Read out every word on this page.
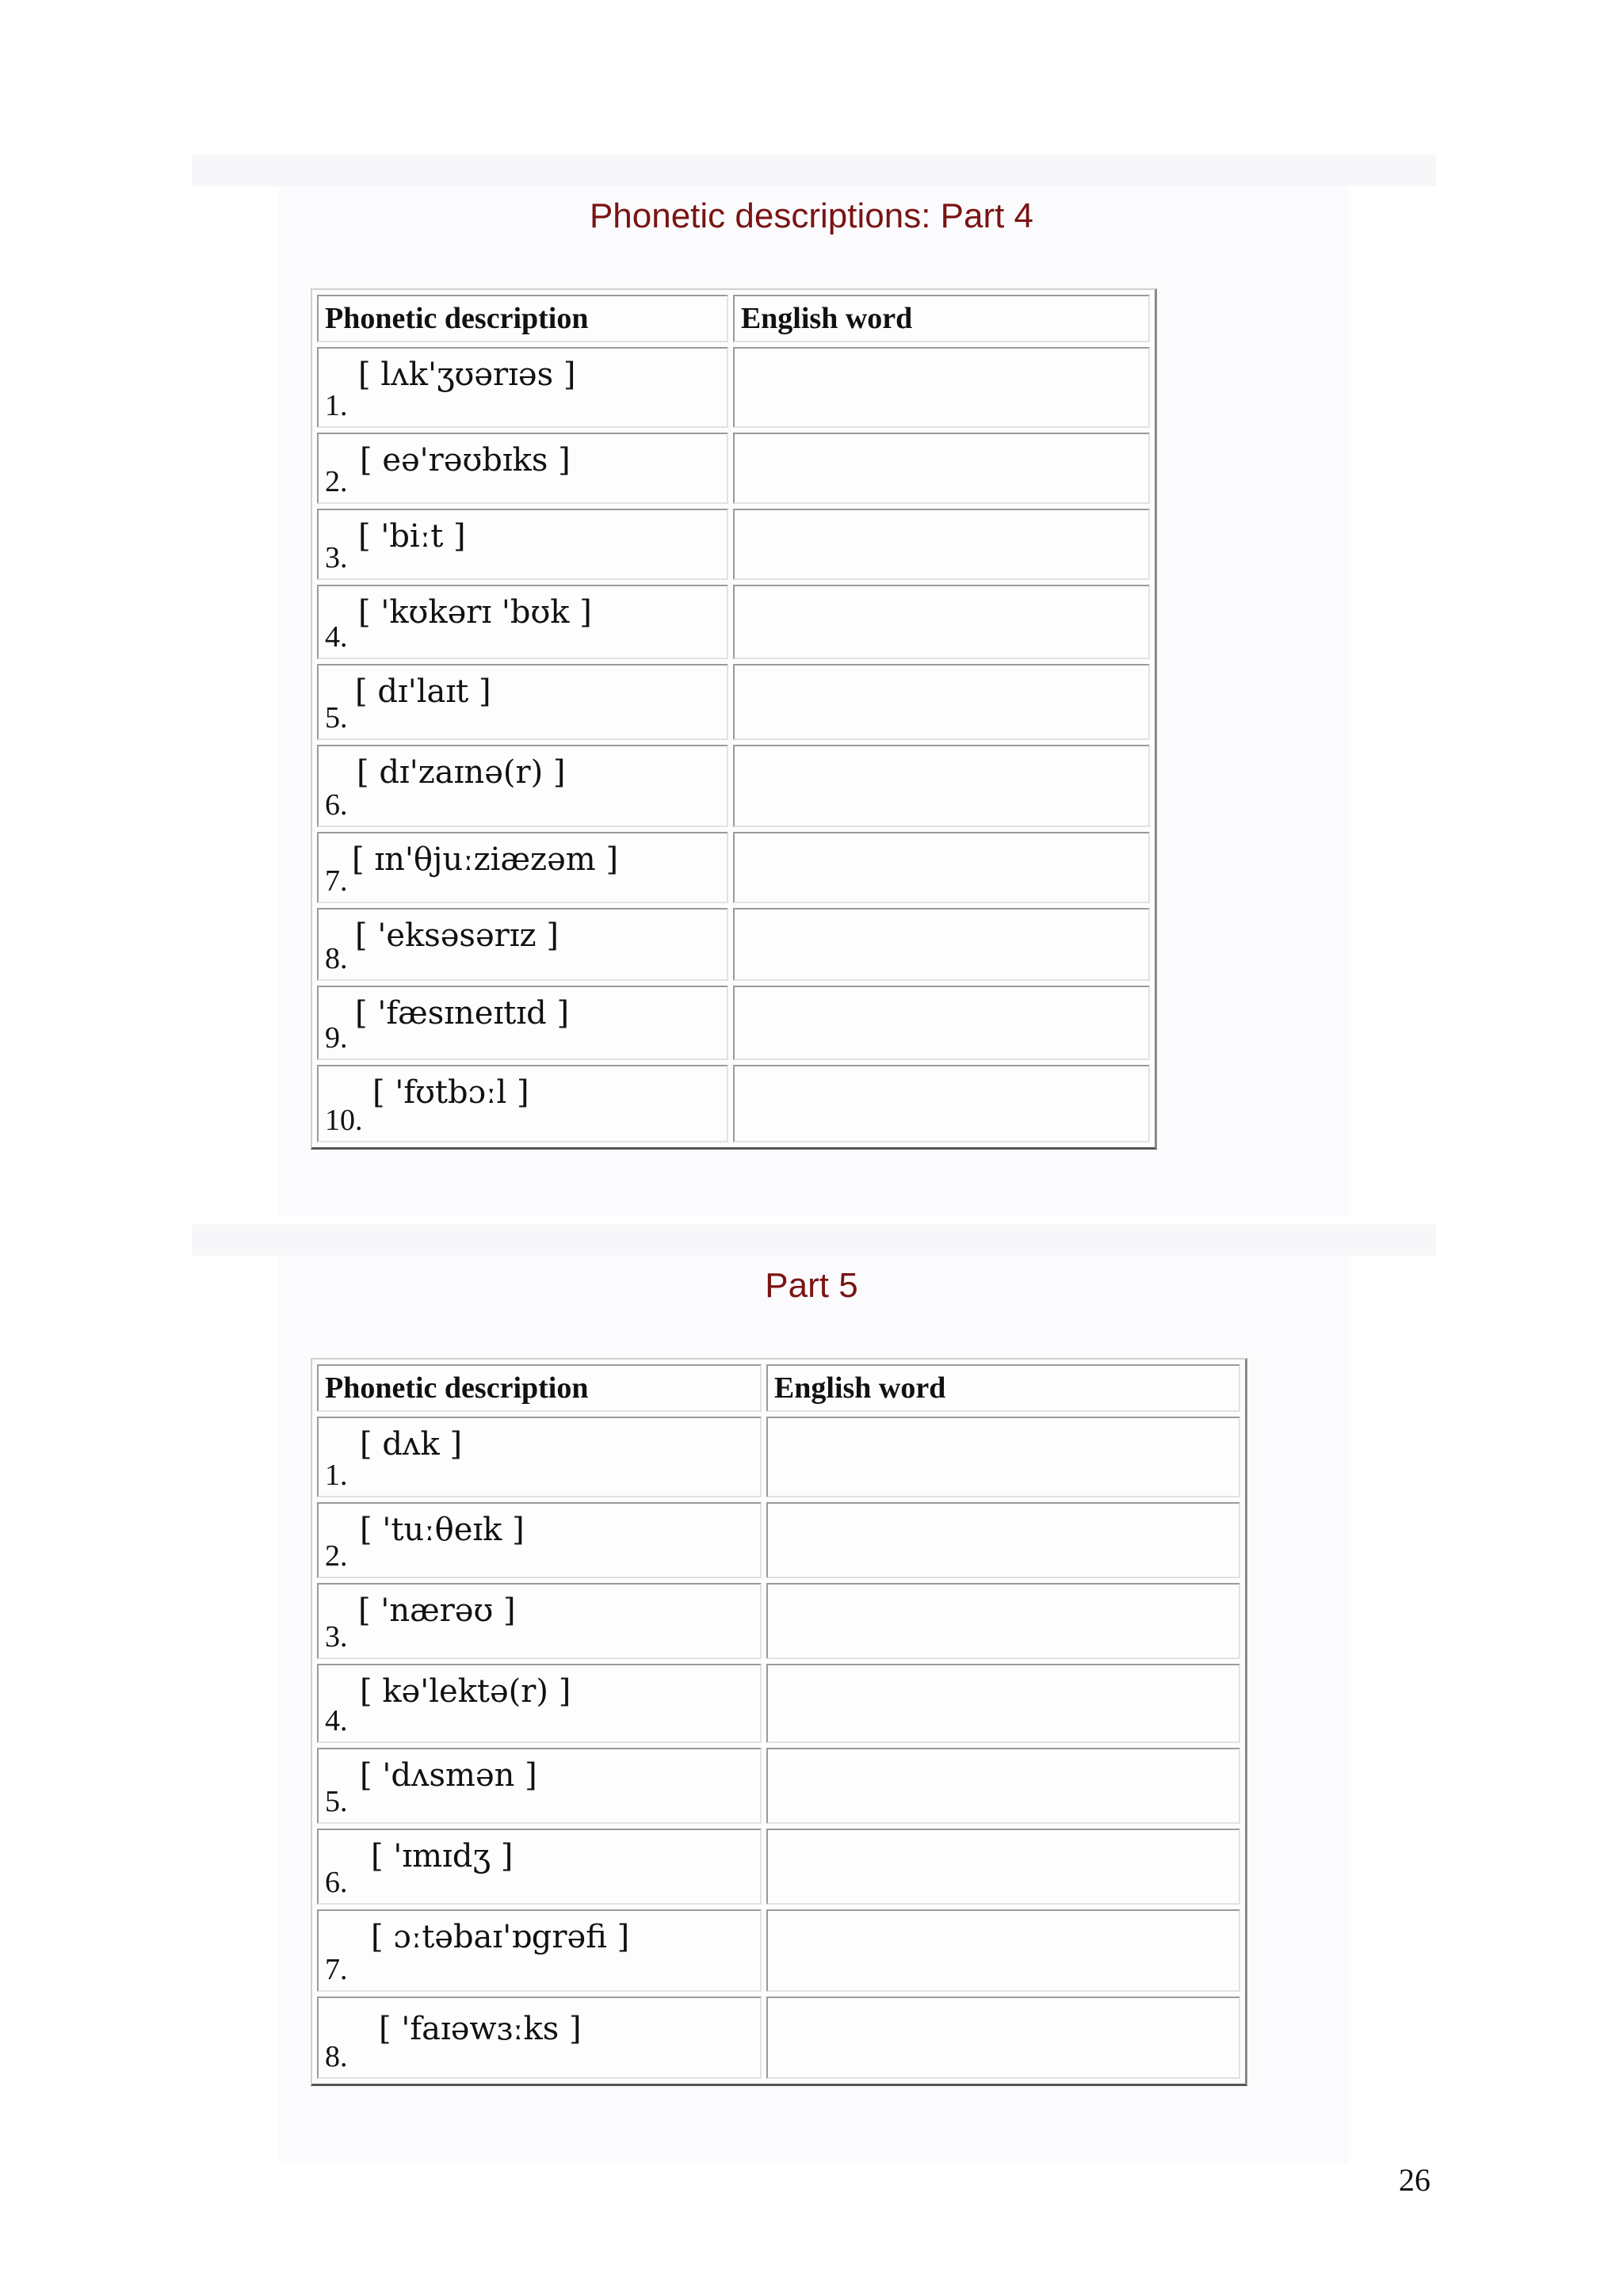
Phonetic descriptions: Part 4
Phonetic description	English word

1.
[ lʌk'ʒʊərɪəs ]	

2.
[ eə'rəʊbɪks ]	

3.
[ 'biːt ]	

4.
[ 'kʊkərɪ 'bʊk ]	

5.
[ dɪ'laɪt ]	

6.
[ dɪ'zaɪnə(r) ]	

7.
[ ɪn'θjuːziæzəm ]	

8.
[ 'eksəsərɪz ]	

9.
[ 'fæsɪneɪtɪd ]	

10.
[ 'fʊtbɔːl ]	

Part 5
Phonetic description	English word

1.
[ dʌk ]	

2.
[ 'tuːθeɪk ]	

3.
[ 'nærəʊ ]	

4.
[ kə'lektə(r) ]	

5.
[ 'dʌsmən ]	

6.
[ 'ɪmɪdʒ ]	

7.
[ ɔːtəbaɪ'ɒgrəfi ]	

8.
[ 'faɪəwɜːks ]	

26
